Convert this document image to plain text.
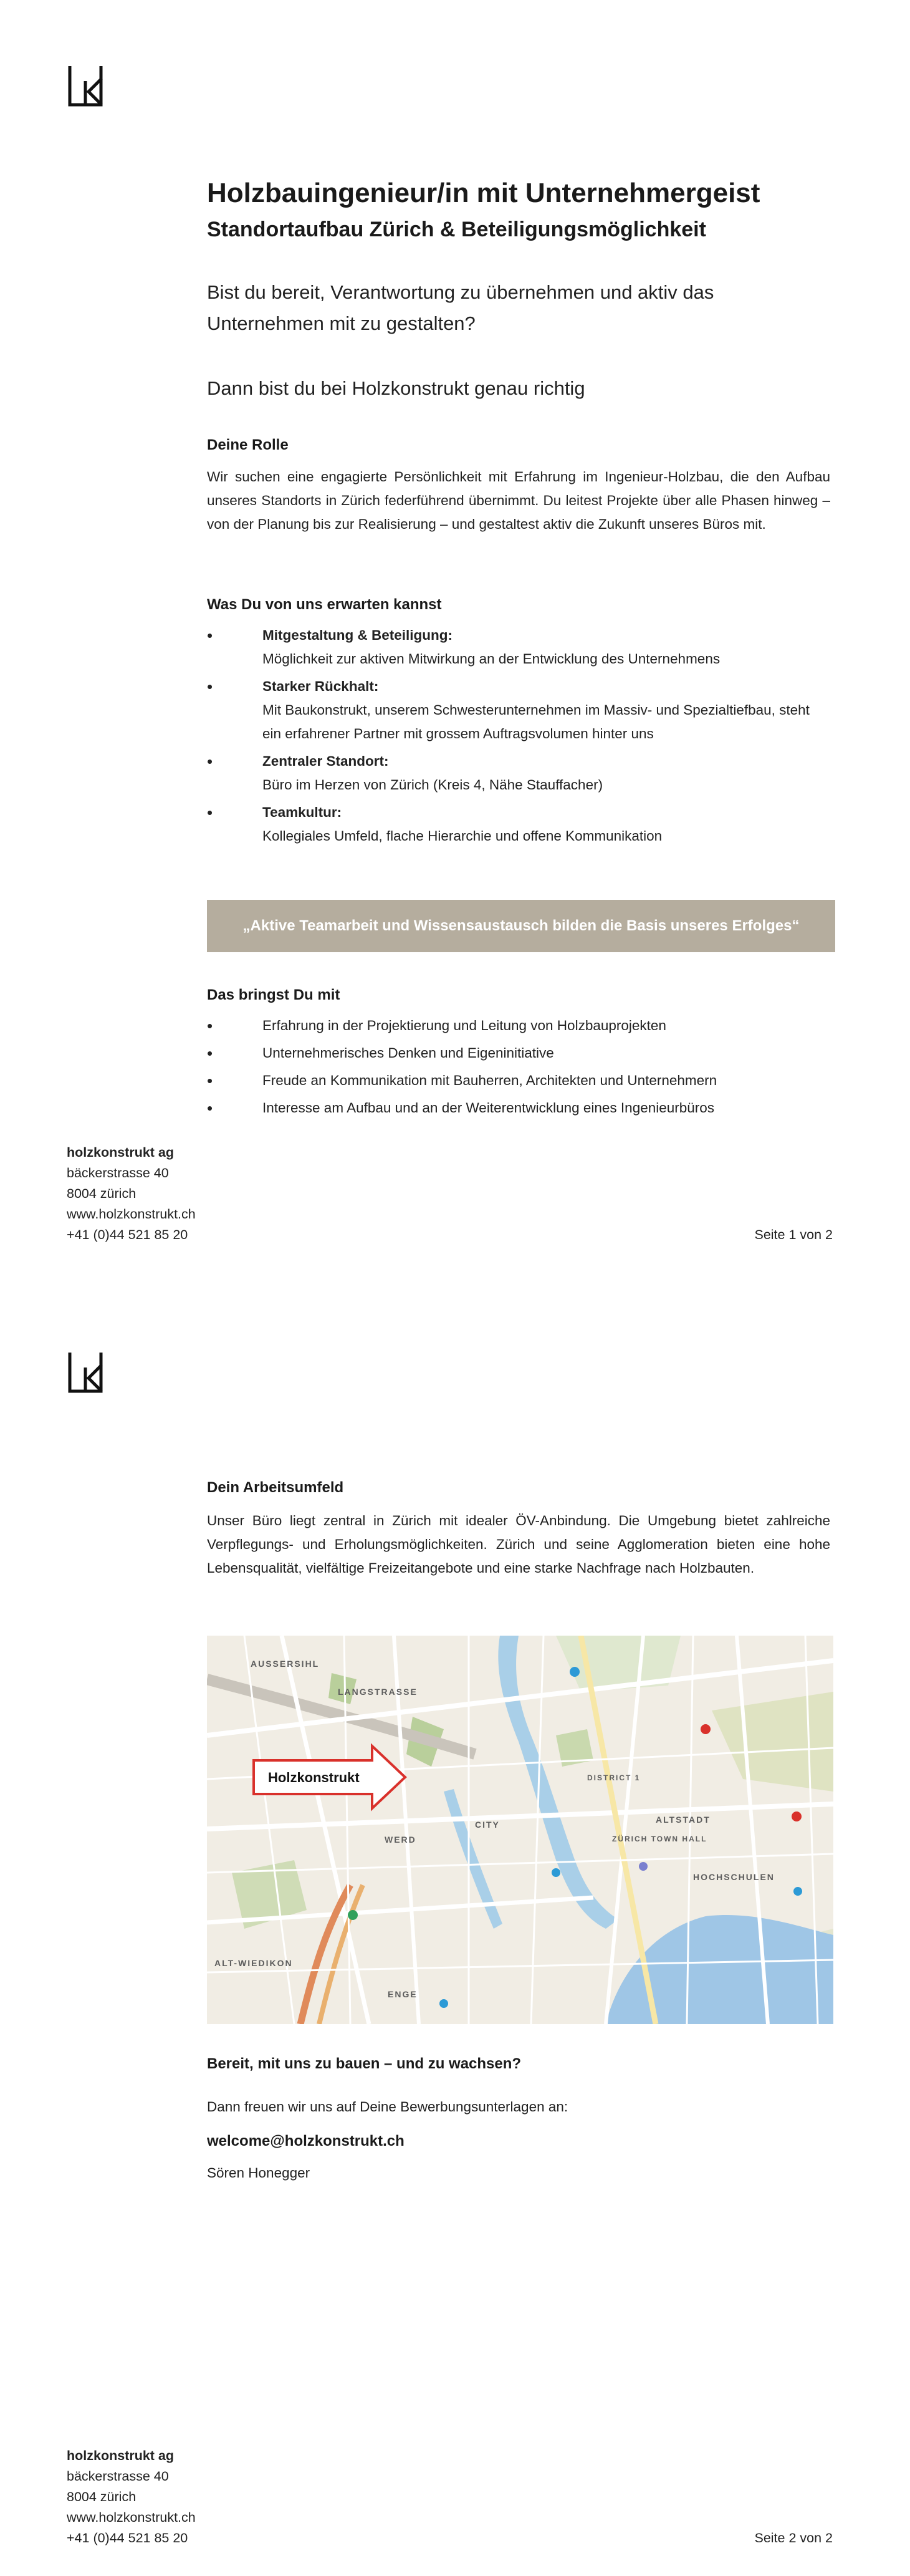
Holzbauingenieur/in mit Unternehmergeist
Standortaufbau Zürich & Beteiligungsmöglichkeit

Bist du bereit, Verantwortung zu übernehmen und aktiv das Unternehmen mit zu gestalten?

Dann bist du bei Holzkonstrukt genau richtig

Deine Rolle

Wir suchen eine engagierte Persönlichkeit mit Erfahrung im Ingenieur-Holzbau, die den Aufbau unseres Standorts in Zürich federführend übernimmt. Du leitest Projekte über alle Phasen hinweg – von der Planung bis zur Realisierung – und gestaltest aktiv die Zukunft unseres Büros mit.

Was Du von uns erwarten kannst
• Mitgestaltung & Beteiligung:
Möglichkeit zur aktiven Mitwirkung an der Entwicklung des Unternehmens
• Starker Rückhalt:
Mit Baukonstrukt, unserem Schwesterunternehmen im Massiv- und Spezialtiefbau, steht ein erfahrener Partner mit grossem Auftragsvolumen hinter uns
• Zentraler Standort:
Büro im Herzen von Zürich (Kreis 4, Nähe Stauffacher)
• Teamkultur:
Kollegiales Umfeld, flache Hierarchie und offene Kommunikation
„Aktive Teamarbeit und Wissensaustausch bilden die Basis unseres Erfolges“
Das bringst Du mit
• Erfahrung in der Projektierung und Leitung von Holzbauprojekten
• Unternehmerisches Denken und Eigeninitiative
• Freude an Kommunikation mit Bauherren, Architekten und Unternehmern
• Interesse am Aufbau und an der Weiterentwicklung eines Ingenieurbüros
holzkonstrukt ag
bäckerstrasse 40
8004 zürich
www.holzkonstrukt.ch
+41 (0)44 521 85 20	Seite 1 von 2
Dein Arbeitsumfeld

Unser Büro liegt zentral in Zürich mit idealer ÖV-Anbindung. Die Umgebung bietet zahlreiche Verpflegungs- und Erholungsmöglichkeiten. Zürich und seine Agglomeration bieten eine hohe Lebensqualität, vielfältige Freizeitangebote und eine starke Nachfrage nach Holzbauten.

AUSSERSIHL
LANGSTRASSE
CITY
WERD
ALTSTADT
DISTRICT 1
ZÜRICH TOWN HALL
HOCHSCHULEN
ALT-WIEDIKON
ENGE
Holzkonstrukt
Bereit, mit uns zu bauen – und zu wachsen?

Dann freuen wir uns auf Deine Bewerbungsunterlagen an:

welcome@holzkonstrukt.ch

Sören Honegger

holzkonstrukt ag
bäckerstrasse 40
8004 zürich
www.holzkonstrukt.ch
+41 (0)44 521 85 20	Seite 2 von 2
